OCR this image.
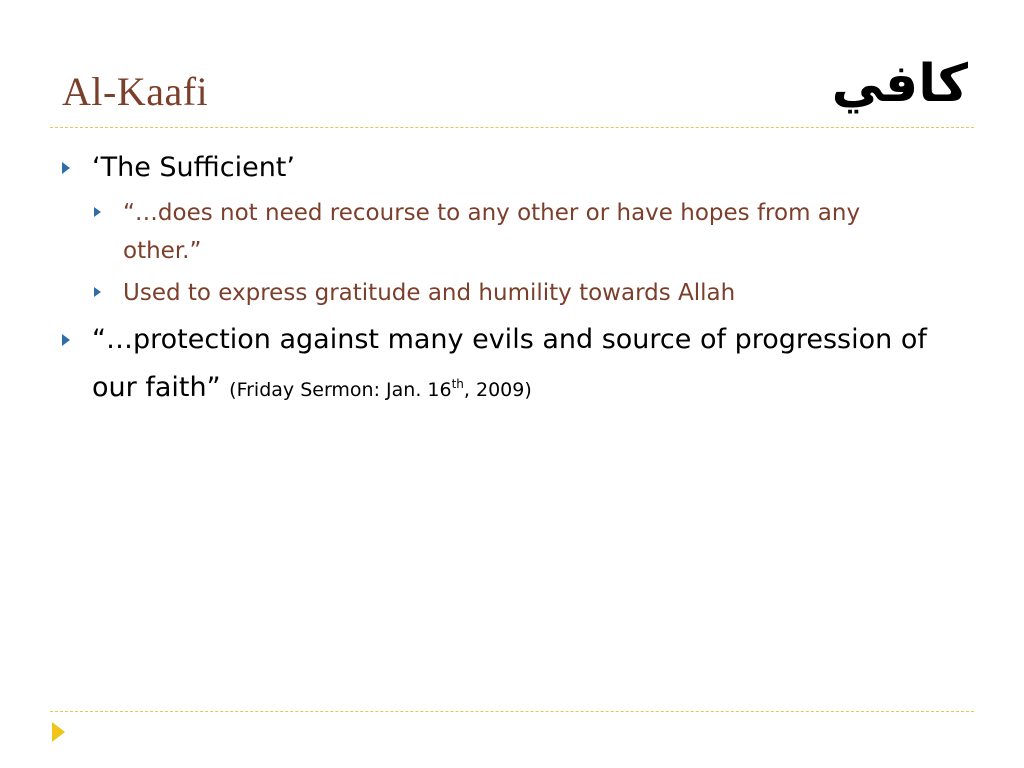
Al-Kaafi	كافي
‘The Sufficient’
“…does not need recourse to any other or have hopes from any other.”
Used to express gratitude and humility towards Allah
“…protection against many evils and source of progression of our faith” (Friday Sermon: Jan. 16th, 2009)
